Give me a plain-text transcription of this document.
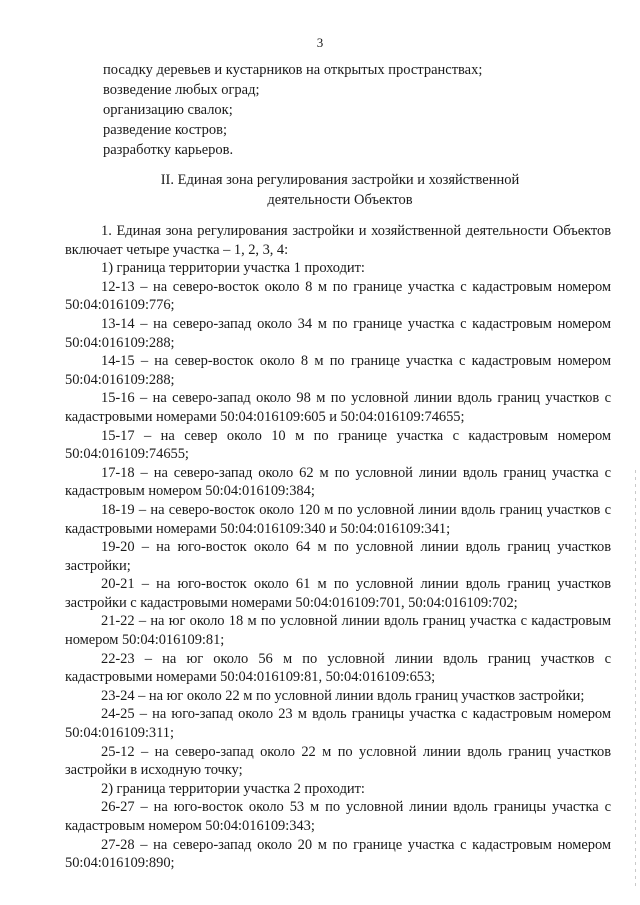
3
посадку деревьев и кустарников на открытых пространствах;
возведение любых оград;
организацию свалок;
разведение костров;
разработку карьеров.
II. Единая зона регулирования застройки и хозяйственной
деятельности Объектов

1. Единая зона регулирования застройки и хозяйственной деятельности Объектов включает четыре участка – 1, 2, 3, 4:

1) граница территории участка 1 проходит:

12-13 – на северо-восток около 8 м по границе участка с кадастровым номером 50:04:016109:776;

13-14 – на северо-запад около 34 м по границе участка с кадастровым номером 50:04:016109:288;

14-15 – на север-восток около 8 м по границе участка с кадастровым номером 50:04:016109:288;

15-16 – на северо-запад около 98 м по условной линии вдоль границ участков с кадастровыми номерами 50:04:016109:605 и 50:04:016109:74655;

15-17 – на север около 10 м по границе участка с кадастровым номером 50:04:016109:74655;

17-18 – на северо-запад около 62 м по условной линии вдоль границ участка с кадастровым номером 50:04:016109:384;

18-19 – на северо-восток около 120 м по условной линии вдоль границ участков с кадастровыми номерами 50:04:016109:340 и 50:04:016109:341;

19-20 – на юго-восток около 64 м по условной линии вдоль границ участков застройки;

20-21 – на юго-восток около 61 м по условной линии вдоль границ участков застройки с кадастровыми номерами 50:04:016109:701, 50:04:016109:702;

21-22 – на юг около 18 м по условной линии вдоль границ участка с кадастровым номером 50:04:016109:81;

22-23 – на юг около 56 м по условной линии вдоль границ участков с кадастровыми номерами 50:04:016109:81, 50:04:016109:653;

23-24 – на юг около 22 м по условной линии вдоль границ участков застройки;

24-25 – на юго-запад около 23 м вдоль границы участка с кадастровым номером 50:04:016109:311;

25-12 – на северо-запад около 22 м по условной линии вдоль границ участков застройки в исходную точку;

2) граница территории участка 2 проходит:

26-27 – на юго-восток около 53 м по условной линии вдоль границы участка с кадастровым номером 50:04:016109:343;

27-28 – на северо-запад около 20 м по границе участка с кадастровым номером 50:04:016109:890;
